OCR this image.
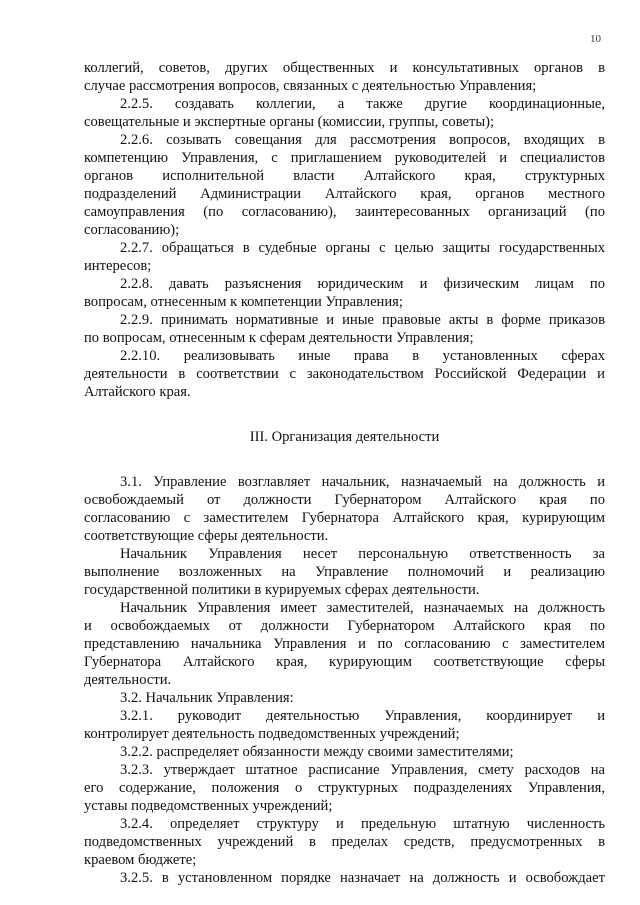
10
коллегий, советов, других общественных и консультативных органов в
случае рассмотрения вопросов, связанных с деятельностью Управления;
2.2.5. создавать коллегии, а также другие координационные,
совещательные и экспертные органы (комиссии, группы, советы);
2.2.6. созывать совещания для рассмотрения вопросов, входящих в
компетенцию Управления, с приглашением руководителей и специалистов
органов исполнительной власти Алтайского края, структурных
подразделений Администрации Алтайского края, органов местного
самоуправления (по согласованию), заинтересованных организаций (по
согласованию);
2.2.7. обращаться в судебные органы с целью защиты государственных
интересов;
2.2.8. давать разъяснения юридическим и физическим лицам по
вопросам, отнесенным к компетенции Управления;
2.2.9. принимать нормативные и иные правовые акты в форме приказов
по вопросам, отнесенным к сферам деятельности Управления;
2.2.10. реализовывать иные права в установленных сферах
деятельности в соответствии с законодательством Российской Федерации и
Алтайского края.
III. Организация деятельности
3.1. Управление возглавляет начальник, назначаемый на должность и
освобождаемый от должности Губернатором Алтайского края по
согласованию с заместителем Губернатора Алтайского края, курирующим
соответствующие сферы деятельности.
Начальник Управления несет персональную ответственность за
выполнение возложенных на Управление полномочий и реализацию
государственной политики в курируемых сферах деятельности.
Начальник Управления имеет заместителей, назначаемых на должность
и освобождаемых от должности Губернатором Алтайского края по
представлению начальника Управления и по согласованию с заместителем
Губернатора Алтайского края, курирующим соответствующие сферы
деятельности.
3.2. Начальник Управления:
3.2.1. руководит деятельностью Управления, координирует и
контролирует деятельность подведомственных учреждений;
3.2.2. распределяет обязанности между своими заместителями;
3.2.3. утверждает штатное расписание Управления, смету расходов на
его содержание, положения о структурных подразделениях Управления,
уставы подведомственных учреждений;
3.2.4. определяет структуру и предельную штатную численность
подведомственных учреждений в пределах средств, предусмотренных в
краевом бюджете;
3.2.5. в установленном порядке назначает на должность и освобождает
